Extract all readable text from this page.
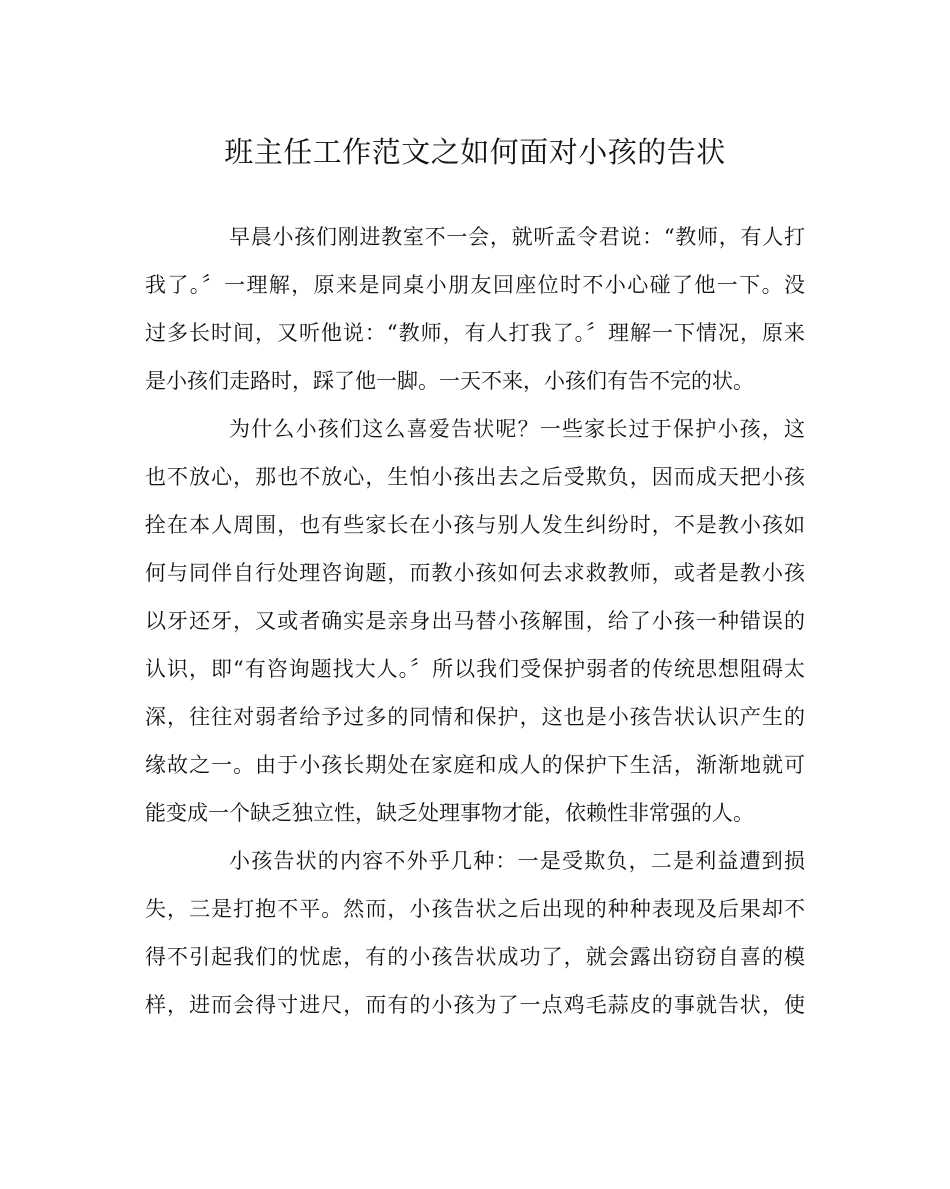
班主任工作范文之如何面对小孩的告状
早晨小孩们刚进教室不一会，就听孟令君说：“教师，有人打
我了。〞一理解，原来是同桌小朋友回座位时不小心碰了他一下。没
过多长时间，又听他说：“教师，有人打我了。〞理解一下情况，原来
是小孩们走路时，踩了他一脚。一天不来，小孩们有告不完的状。
为什么小孩们这么喜爱告状呢？一些家长过于保护小孩，这
也不放心，那也不放心，生怕小孩出去之后受欺负，因而成天把小孩
拴在本人周围，也有些家长在小孩与别人发生纠纷时，不是教小孩如
何与同伴自行处理咨询题，而教小孩如何去求救教师，或者是教小孩
以牙还牙，又或者确实是亲身出马替小孩解围，给了小孩一种错误的
认识，即“有咨询题找大人。〞所以我们受保护弱者的传统思想阻碍太
深，往往对弱者给予过多的同情和保护，这也是小孩告状认识产生的
缘故之一。由于小孩长期处在家庭和成人的保护下生活，渐渐地就可
能变成一个缺乏独立性，缺乏处理事物才能，依赖性非常强的人。
小孩告状的内容不外乎几种：一是受欺负，二是利益遭到损
失，三是打抱不平。然而，小孩告状之后出现的种种表现及后果却不
得不引起我们的忧虑，有的小孩告状成功了，就会露出窃窃自喜的模
样，进而会得寸进尺，而有的小孩为了一点鸡毛蒜皮的事就告状，使
